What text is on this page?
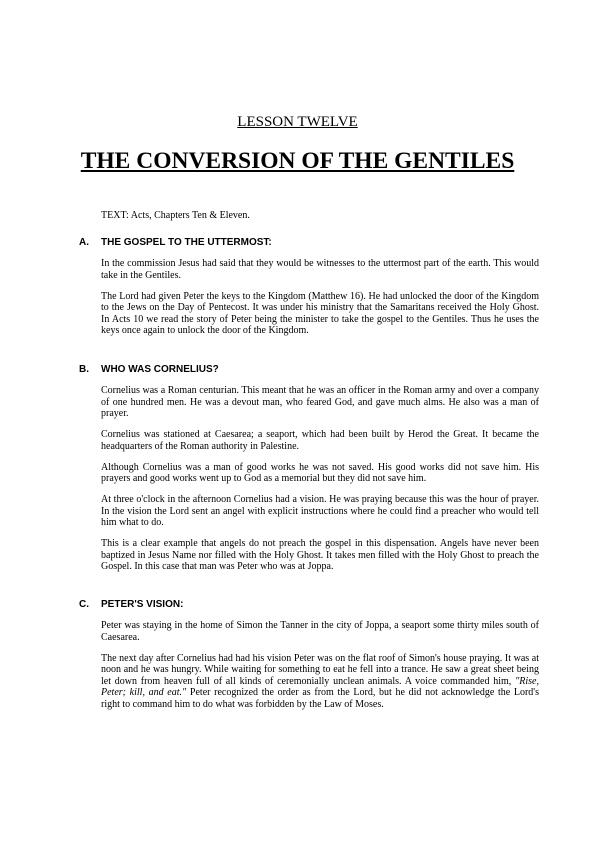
LESSON TWELVE
THE CONVERSION OF THE GENTILES
TEXT: Acts, Chapters Ten & Eleven.
A.	THE GOSPEL TO THE UTTERMOST:

In the commission Jesus had said that they would be witnesses to the uttermost part of the earth. This would take in the Gentiles.

The Lord had given Peter the keys to the Kingdom (Matthew 16). He had unlocked the door of the Kingdom to the Jews on the Day of Pentecost. It was under his ministry that the Samaritans received the Holy Ghost. In Acts 10 we read the story of Peter being the minister to take the gospel to the Gentiles. Thus he uses the keys once again to unlock the door of the Kingdom.

B.	WHO WAS CORNELIUS?

Cornelius was a Roman centurian. This meant that he was an officer in the Roman army and over a company of one hundred men. He was a devout man, who feared God, and gave much alms. He also was a man of prayer.

Cornelius was stationed at Caesarea; a seaport, which had been built by Herod the Great. It became the headquarters of the Roman authority in Palestine.

Although Cornelius was a man of good works he was not saved. His good works did not save him. His prayers and good works went up to God as a memorial but they did not save him.

At three o'clock in the afternoon Cornelius had a vision. He was praying because this was the hour of prayer. In the vision the Lord sent an angel with explicit instructions where he could find a preacher who would tell him what to do.

This is a clear example that angels do not preach the gospel in this dispensation. Angels have never been baptized in Jesus Name nor filled with the Holy Ghost. It takes men filled with the Holy Ghost to preach the Gospel. In this case that man was Peter who was at Joppa.

C.	PETER'S VISION:

Peter was staying in the home of Simon the Tanner in the city of Joppa, a seaport some thirty miles south of Caesarea.

The next day after Cornelius had had his vision Peter was on the flat roof of Simon's house praying. It was at noon and he was hungry. While waiting for something to eat he fell into a trance. He saw a great sheet being let down from heaven full of all kinds of ceremonially unclean animals. A voice commanded him, "Rise, Peter; kill, and eat." Peter recognized the order as from the Lord, but he did not acknowledge the Lord's right to command him to do what was forbidden by the Law of Moses.
